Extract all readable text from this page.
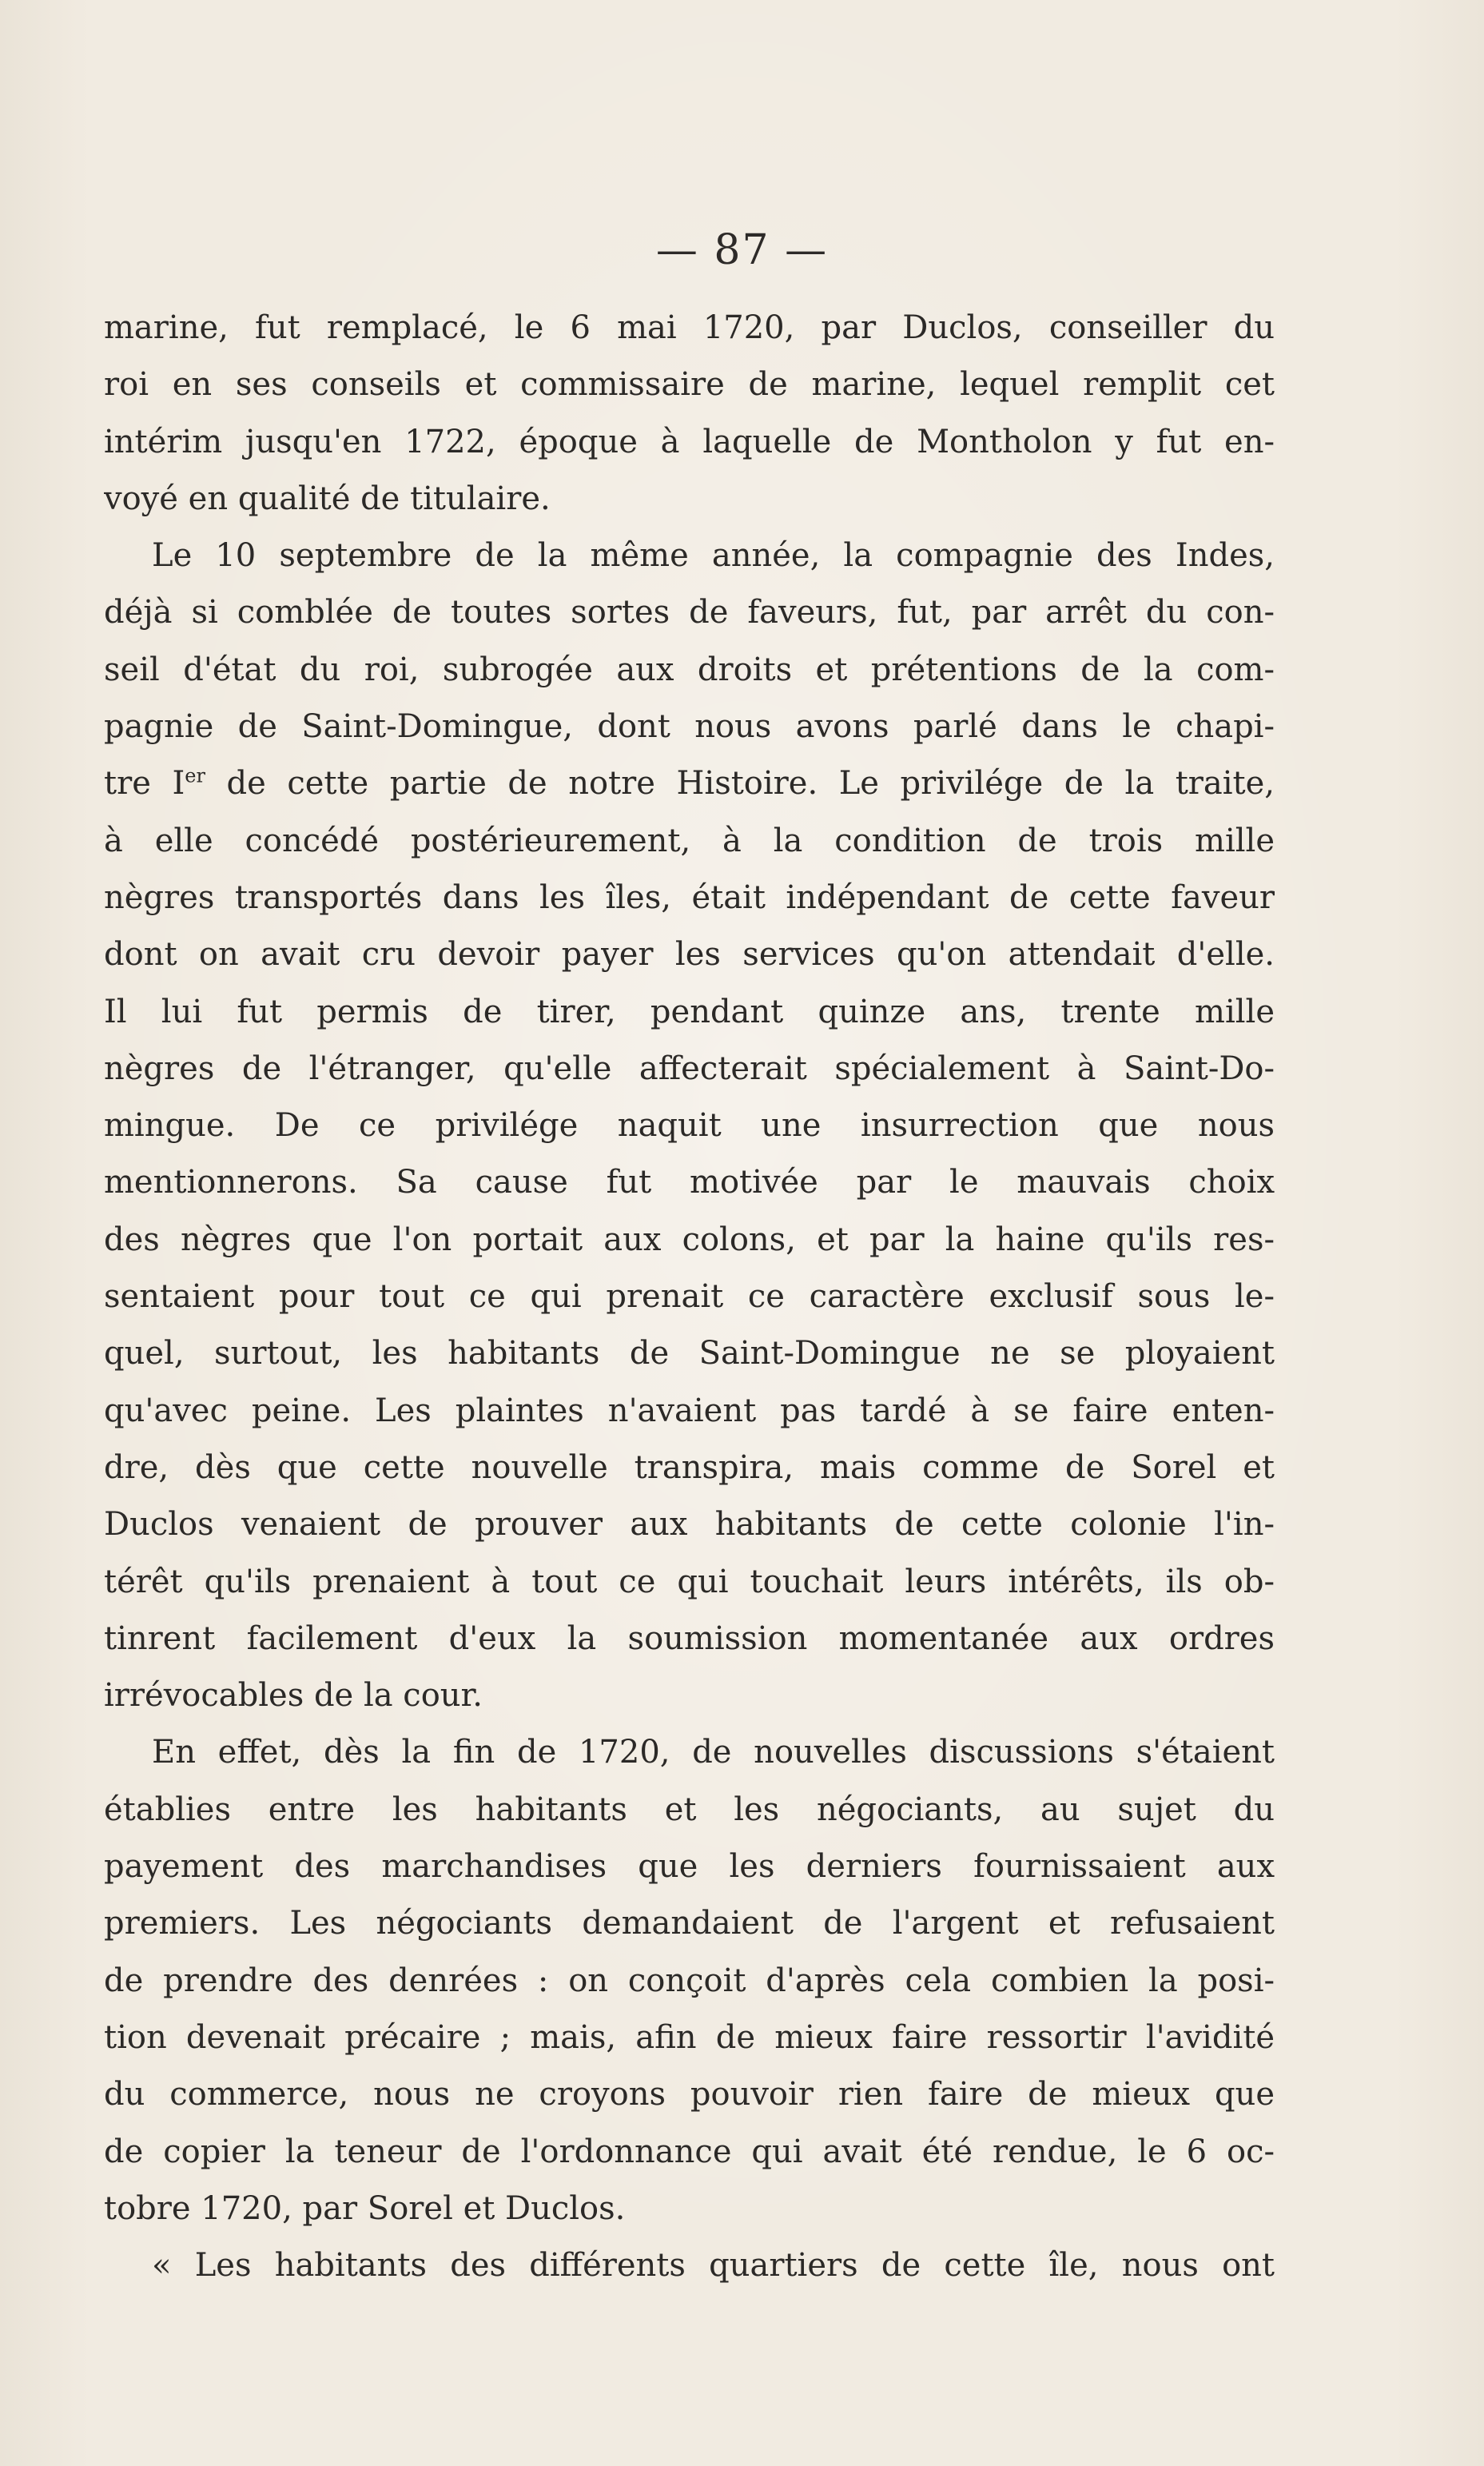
— 87 —
marine, fut remplacé, le 6 mai 1720, par Duclos, conseiller du
roi en ses conseils et commissaire de marine, lequel remplit cet
intérim jusqu'en 1722, époque à laquelle de Montholon y fut en-
voyé en qualité de titulaire.
Le 10 septembre de la même année, la compagnie des Indes,
déjà si comblée de toutes sortes de faveurs, fut, par arrêt du con-
seil d'état du roi, subrogée aux droits et prétentions de la com-
pagnie de Saint-Domingue, dont nous avons parlé dans le chapi-
tre Ier de cette partie de notre Histoire. Le privilége de la traite,
à elle concédé postérieurement, à la condition de trois mille
nègres transportés dans les îles, était indépendant de cette faveur
dont on avait cru devoir payer les services qu'on attendait d'elle.
Il lui fut permis de tirer, pendant quinze ans, trente mille
nègres de l'étranger, qu'elle affecterait spécialement à Saint-Do-
mingue. De ce privilége naquit une insurrection que nous
mentionnerons. Sa cause fut motivée par le mauvais choix
des nègres que l'on portait aux colons, et par la haine qu'ils res-
sentaient pour tout ce qui prenait ce caractère exclusif sous le-
quel, surtout, les habitants de Saint-Domingue ne se ployaient
qu'avec peine. Les plaintes n'avaient pas tardé à se faire enten-
dre, dès que cette nouvelle transpira, mais comme de Sorel et
Duclos venaient de prouver aux habitants de cette colonie l'in-
térêt qu'ils prenaient à tout ce qui touchait leurs intérêts, ils ob-
tinrent facilement d'eux la soumission momentanée aux ordres
irrévocables de la cour.
En effet, dès la fin de 1720, de nouvelles discussions s'étaient
établies entre les habitants et les négociants, au sujet du
payement des marchandises que les derniers fournissaient aux
premiers. Les négociants demandaient de l'argent et refusaient
de prendre des denrées : on conçoit d'après cela combien la posi-
tion devenait précaire ; mais, afin de mieux faire ressortir l'avidité
du commerce, nous ne croyons pouvoir rien faire de mieux que
de copier la teneur de l'ordonnance qui avait été rendue, le 6 oc-
tobre 1720, par Sorel et Duclos.
« Les habitants des différents quartiers de cette île, nous ont
